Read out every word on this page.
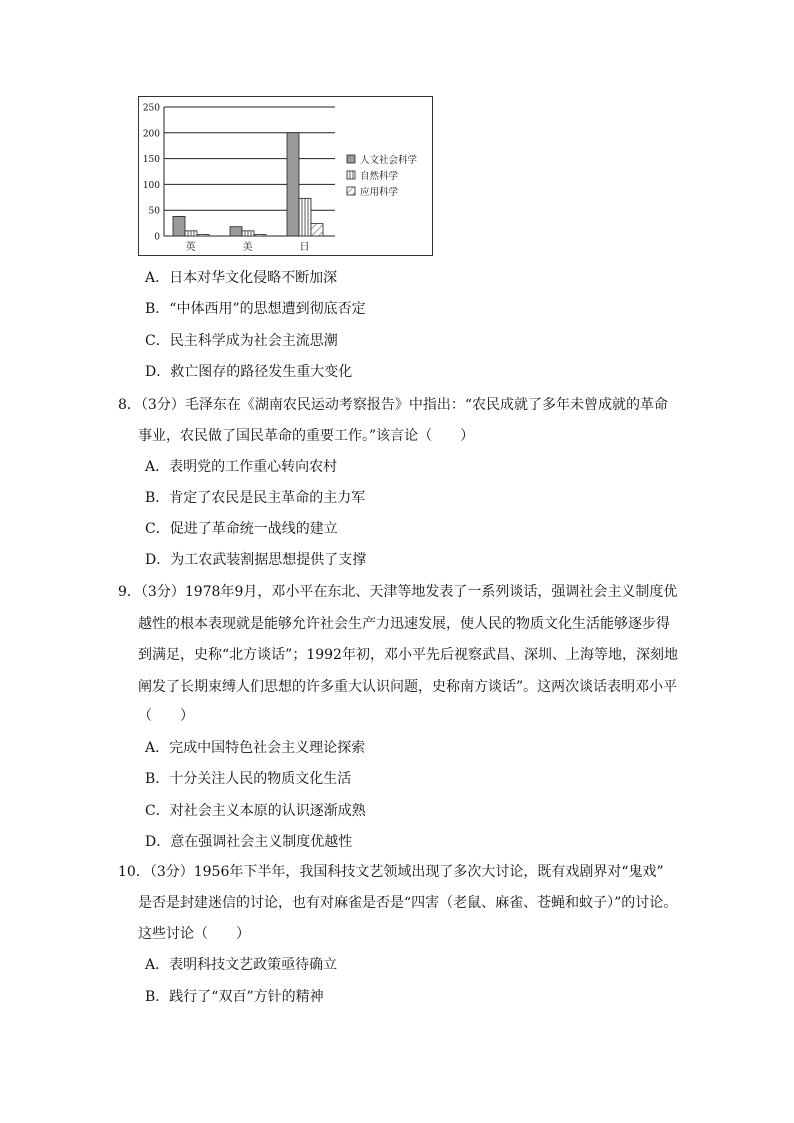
250
200
150
100
50
0
英	美	日
人文社会科学
自然科学
应用科学
A．日本对华文化侵略不断加深
B．“中体西用”的思想遭到彻底否定
C．民主科学成为社会主流思潮
D．救亡图存的路径发生重大变化
8．（3分）毛泽东在《湖南农民运动考察报告》中指出：“农民成就了多年未曾成就的革命
事业，农民做了国民革命的重要工作。”该言论（　　）
A．表明党的工作重心转向农村
B．肯定了农民是民主革命的主力军
C．促进了革命统一战线的建立
D．为工农武装割据思想提供了支撑
9．（3分）1978年9月，邓小平在东北、天津等地发表了一系列谈话，强调社会主义制度优
越性的根本表现就是能够允许社会生产力迅速发展，使人民的物质文化生活能够逐步得
到满足，史称“北方谈话”；1992年初，邓小平先后视察武昌、深圳、上海等地，深刻地
阐发了长期束缚人们思想的许多重大认识问题，史称南方谈话”。这两次谈话表明邓小平
（　　）
A．完成中国特色社会主义理论探索
B．十分关注人民的物质文化生活
C．对社会主义本原的认识逐渐成熟
D．意在强调社会主义制度优越性
10．（3分）1956年下半年，我国科技文艺领域出现了多次大讨论，既有戏剧界对“鬼戏”
是否是封建迷信的讨论，也有对麻雀是否是“四害（老鼠、麻雀、苍蝇和蚊子）”的讨论。
这些讨论（　　）
A．表明科技文艺政策亟待确立
B．践行了“双百”方针的精神
